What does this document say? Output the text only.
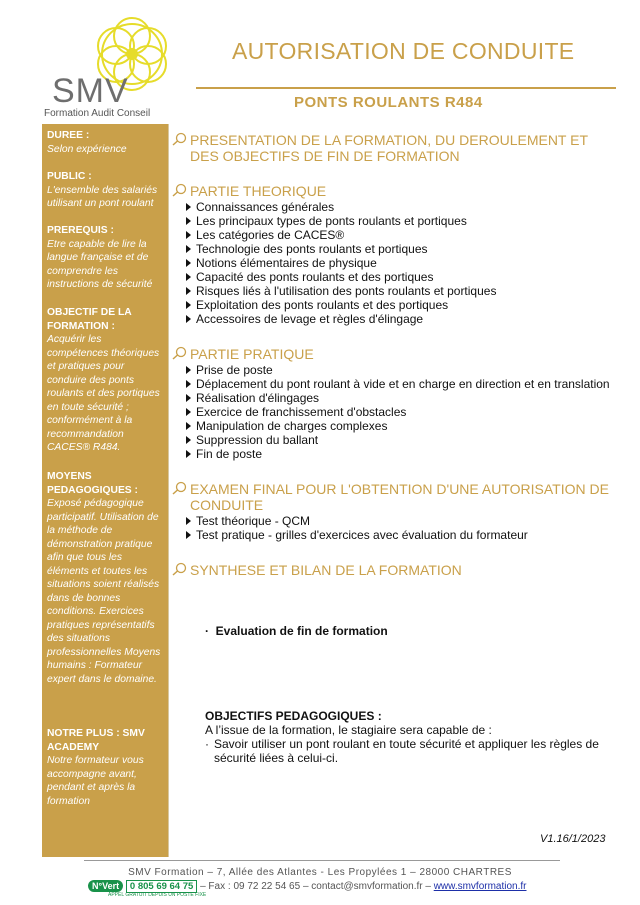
SMV
Formation Audit Conseil
AUTORISATION DE CONDUITE
PONTS ROULANTS R484
DUREE :
Selon expérience
PUBLIC :
L'ensemble des salariés utilisant un pont roulant
PREREQUIS :
Etre capable de lire la langue française et de comprendre les instructions de sécurité
OBJECTIF DE LA FORMATION :
Acquérir les compétences théoriques et pratiques pour conduire des ponts roulants et des portiques en toute sécurité ; conformément à la recommandation CACES® R484.
MOYENS PEDAGOGIQUES :
Exposé pédagogique participatif. Utilisation de la méthode de démonstration pratique afin que tous les éléments et toutes les situations soient réalisés dans de bonnes conditions. Exercices pratiques représentatifs des situations professionnelles Moyens humains : Formateur expert dans le domaine.
NOTRE PLUS : SMV ACADEMY
Notre formateur vous accompagne avant, pendant et après la formation
PRESENTATION DE LA FORMATION, DU DEROULEMENT ET DES OBJECTIFS DE FIN DE FORMATION
PARTIE THEORIQUE
Connaissances générales
Les principaux types de ponts roulants et portiques
Les catégories de CACES®
Technologie des ponts roulants et portiques
Notions élémentaires de physique
Capacité des ponts roulants et des portiques
Risques liés à l'utilisation des ponts roulants et portiques
Exploitation des ponts roulants et des portiques
Accessoires de levage et règles d'élingage
PARTIE PRATIQUE
Prise de poste
Déplacement du pont roulant à vide et en charge en direction et en translation
Réalisation d'élingages
Exercice de franchissement d'obstacles
Manipulation de charges complexes
Suppression du ballant
Fin de poste
EXAMEN FINAL POUR L'OBTENTION D'UNE AUTORISATION DE CONDUITE
Test théorique - QCM
Test pratique - grilles d'exercices avec évaluation du formateur
SYNTHESE ET BILAN DE LA FORMATION
·  Evaluation de fin de formation
OBJECTIFS PEDAGOGIQUES :
A l’issue de la formation, le stagiaire sera capable de :
· Savoir utiliser un pont roulant en toute sécurité et appliquer les règles de sécurité liées à celui-ci.
V1.16/1/2023
SMV Formation – 7, Allée des Atlantes - Les Propylées 1 – 28000 CHARTRES
N°Vert 0 805 69 64 75 – Fax : 09 72 22 54 65 – contact@smvformation.fr – www.smvformation.fr
APPEL GRATUIT DEPUIS UN POSTE FIXE
